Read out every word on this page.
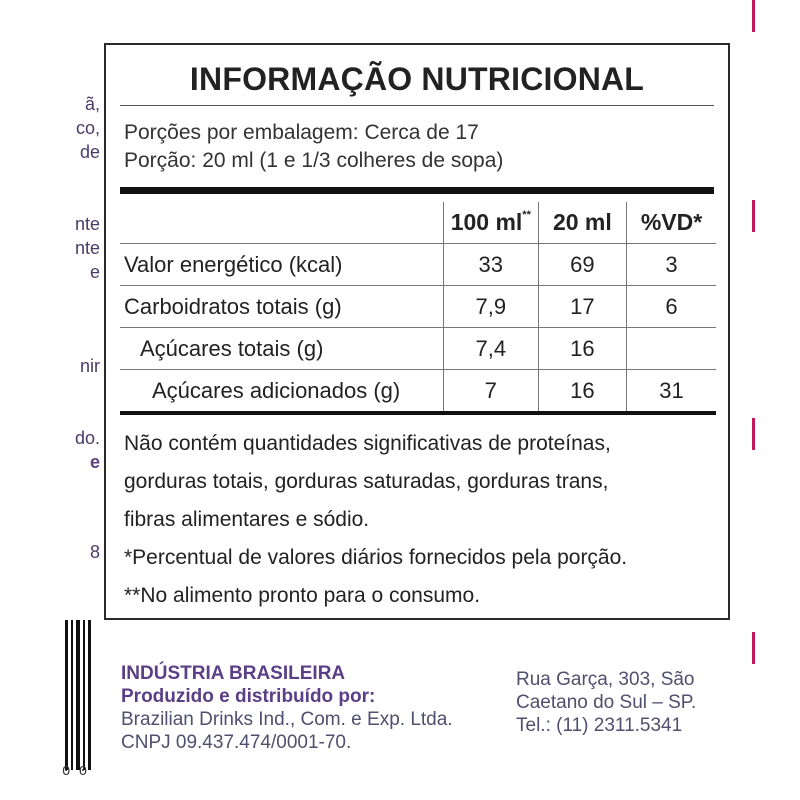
ã,
co,
de
nte
nte
e
nir
do.
e
8
INFORMAÇÃO NUTRICIONAL
Porções por embalagem: Cerca de 17
Porção: 20 ml (1 e 1/3 colheres de sopa)
	100 ml**	20 ml	%VD*
Valor energético (kcal)	33	69	3
Carboidratos totais (g)	7,9	17	6
Açúcares totais (g)	7,4	16	
Açúcares adicionados (g)	7	16	31
Não contém quantidades significativas de proteínas,
gorduras totais, gorduras saturadas, gorduras trans,
fibras alimentares e sódio.
*Percentual de valores diários fornecidos pela porção.
**No alimento pronto para o consumo.
0 0
INDÚSTRIA BRASILEIRA
Produzido e distribuído por:
Brazilian Drinks Ind., Com. e Exp. Ltda.
CNPJ 09.437.474/0001-70.
Rua Garça, 303, São
Caetano do Sul – SP.
Tel.: (11) 2311.5341
